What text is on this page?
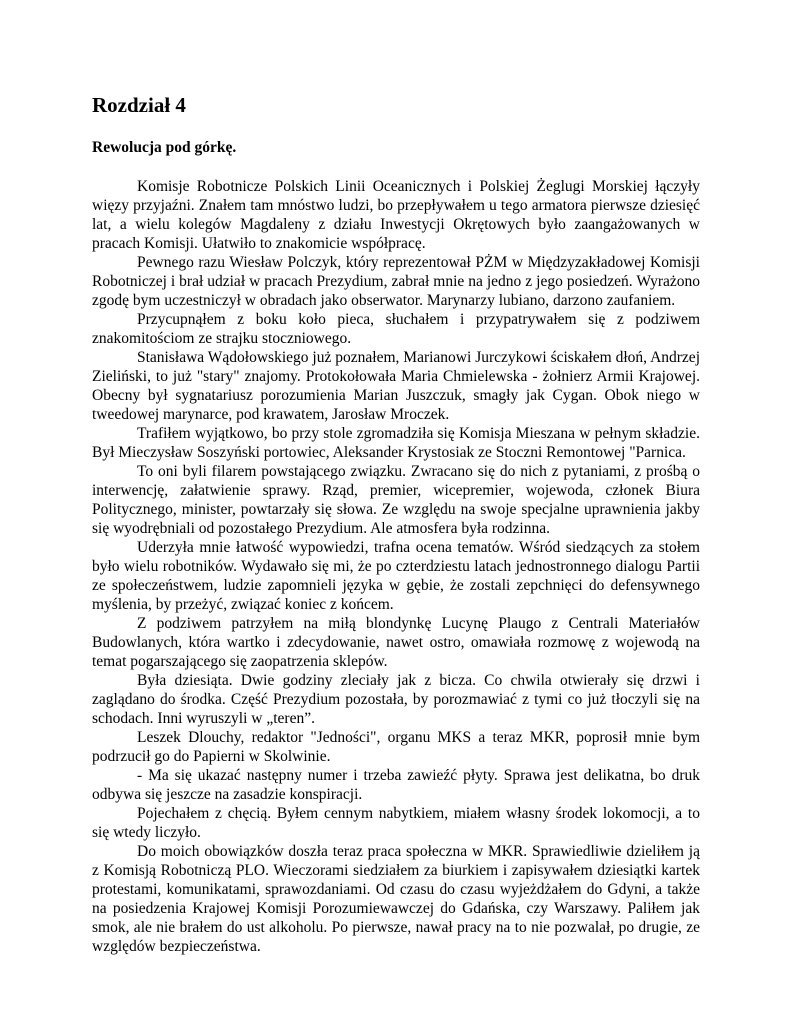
Rozdział 4
Rewolucja pod górkę.

Komisje Robotnicze Polskich Linii Oceanicznych i Polskiej Żeglugi Morskiej łączyły więzy przyjaźni. Znałem tam mnóstwo ludzi, bo przepływałem u tego armatora pierwsze dziesięć lat, a wielu kolegów Magdaleny z działu Inwestycji Okrętowych było zaangażowanych w pracach Komisji. Ułatwiło to znakomicie współpracę.

Pewnego razu Wiesław Polczyk, który reprezentował PŻM w Międzyzakładowej Komisji Robotniczej i brał udział w pracach Prezydium, zabrał mnie na jedno z jego posiedzeń. Wyrażono zgodę bym uczestniczył w obradach jako obserwator. Marynarzy lubiano, darzono zaufaniem.

Przycupnąłem z boku koło pieca, słuchałem i przypatrywałem się z podziwem znakomitościom ze strajku stoczniowego.

Stanisława Wądołowskiego już poznałem, Marianowi Jurczykowi ściskałem dłoń, Andrzej Zieliński, to już "stary" znajomy. Protokołowała Maria Chmielewska - żołnierz Armii Krajowej. Obecny był sygnatariusz porozumienia Marian Juszczuk, smagły jak Cygan. Obok niego w tweedowej marynarce, pod krawatem, Jarosław Mroczek.

Trafiłem wyjątkowo, bo przy stole zgromadziła się Komisja Mieszana w pełnym składzie. Był Mieczysław Soszyński portowiec, Aleksander Krystosiak ze Stoczni Remontowej "Parnica.

To oni byli filarem powstającego związku. Zwracano się do nich z pytaniami, z prośbą o interwencję, załatwienie sprawy. Rząd, premier, wicepremier, wojewoda, członek Biura Politycznego, minister, powtarzały się słowa. Ze względu na swoje specjalne uprawnienia jakby się wyodrębniali od pozostałego Prezydium. Ale atmosfera była rodzinna.

Uderzyła mnie łatwość wypowiedzi, trafna ocena tematów. Wśród siedzących za stołem było wielu robotników. Wydawało się mi, że po czterdziestu latach jednostronnego dialogu Partii ze społeczeństwem, ludzie zapomnieli języka w gębie, że zostali zepchnięci do defensywnego myślenia, by przeżyć, związać koniec z końcem.

Z podziwem patrzyłem na miłą blondynkę Lucynę Plaugo z Centrali Materiałów Budowlanych, która wartko i zdecydowanie, nawet ostro, omawiała rozmowę z wojewodą na temat pogarszającego się zaopatrzenia sklepów.

Była dziesiąta. Dwie godziny zleciały jak z bicza. Co chwila otwierały się drzwi i zaglądano do środka. Część Prezydium pozostała, by porozmawiać z tymi co już tłoczyli się na schodach. Inni wyruszyli w „teren”.

Leszek Dlouchy, redaktor "Jedności", organu MKS a teraz MKR, poprosił mnie bym podrzucił go do Papierni w Skolwinie.

- Ma się ukazać następny numer i trzeba zawieźć płyty. Sprawa jest delikatna, bo druk odbywa się jeszcze na zasadzie konspiracji.

Pojechałem z chęcią. Byłem cennym nabytkiem, miałem własny środek lokomocji, a to się wtedy liczyło.

Do moich obowiązków doszła teraz praca społeczna w MKR. Sprawiedliwie dzieliłem ją z Komisją Robotniczą PLO. Wieczorami siedziałem za biurkiem i zapisywałem dziesiątki kartek protestami, komunikatami, sprawozdaniami. Od czasu do czasu wyjeżdżałem do Gdyni, a także na posiedzenia Krajowej Komisji Porozumiewawczej do Gdańska, czy Warszawy. Paliłem jak smok, ale nie brałem do ust alkoholu. Po pierwsze, nawał pracy na to nie pozwalał, po drugie, ze względów bezpieczeństwa.
